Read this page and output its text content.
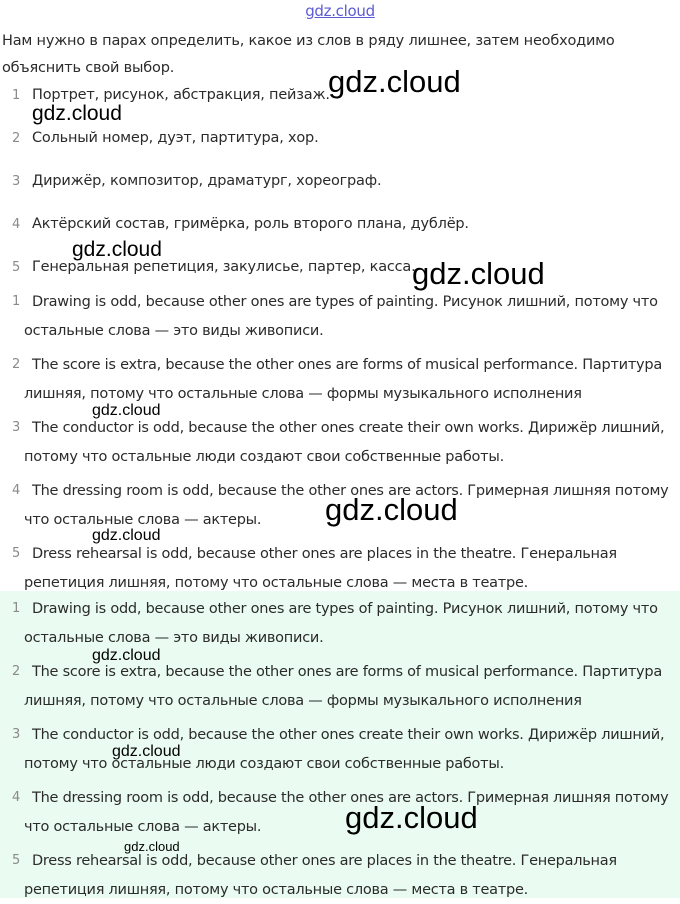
gdz.cloud
Нам нужно в парах определить, какое из слов в ряду лишнее, затем необходимо объяснить свой выбор.
1 Портрет, рисунок, абстракция, пейзаж.
2 Сольный номер, дуэт, партитура, хор.
3 Дирижёр, композитор, драматург, хореограф.
4 Актёрский состав, гримёрка, роль второго плана, дублёр.
5 Генеральная репетиция, закулисье, партер, касса.
1 Drawing is odd, because other ones are types of painting. Рисунок лишний, потому что остальные слова — это виды живописи.
2 The score is extra, because the other ones are forms of musical performance. Партитура лишняя, потому что остальные слова — формы музыкального исполнения
3 The conductor is odd, because the other ones create their own works. Дирижёр лишний, потому что остальные люди создают свои собственные работы.
4 The dressing room is odd, because the other ones are actors. Гримерная лишняя потому что остальные слова — актеры.
5 Dress rehearsal is odd, because other ones are places in the theatre. Генеральная репетиция лишняя, потому что остальные слова — места в театре.
1 Drawing is odd, because other ones are types of painting. Рисунок лишний, потому что остальные слова — это виды живописи.
2 The score is extra, because the other ones are forms of musical performance. Партитура лишняя, потому что остальные слова — формы музыкального исполнения
3 The conductor is odd, because the other ones create their own works. Дирижёр лишний, потому что остальные люди создают свои собственные работы.
4 The dressing room is odd, because the other ones are actors. Гримерная лишняя потому что остальные слова — актеры.
5 Dress rehearsal is odd, because other ones are places in the theatre. Генеральная репетиция лишняя, потому что остальные слова — места в театре.
gdz.cloud
gdz.cloud
gdz.cloud
gdz.cloud
gdz.cloud
gdz.cloud
gdz.cloud
gdz.cloud
gdz.cloud
gdz.cloud
gdz.cloud
